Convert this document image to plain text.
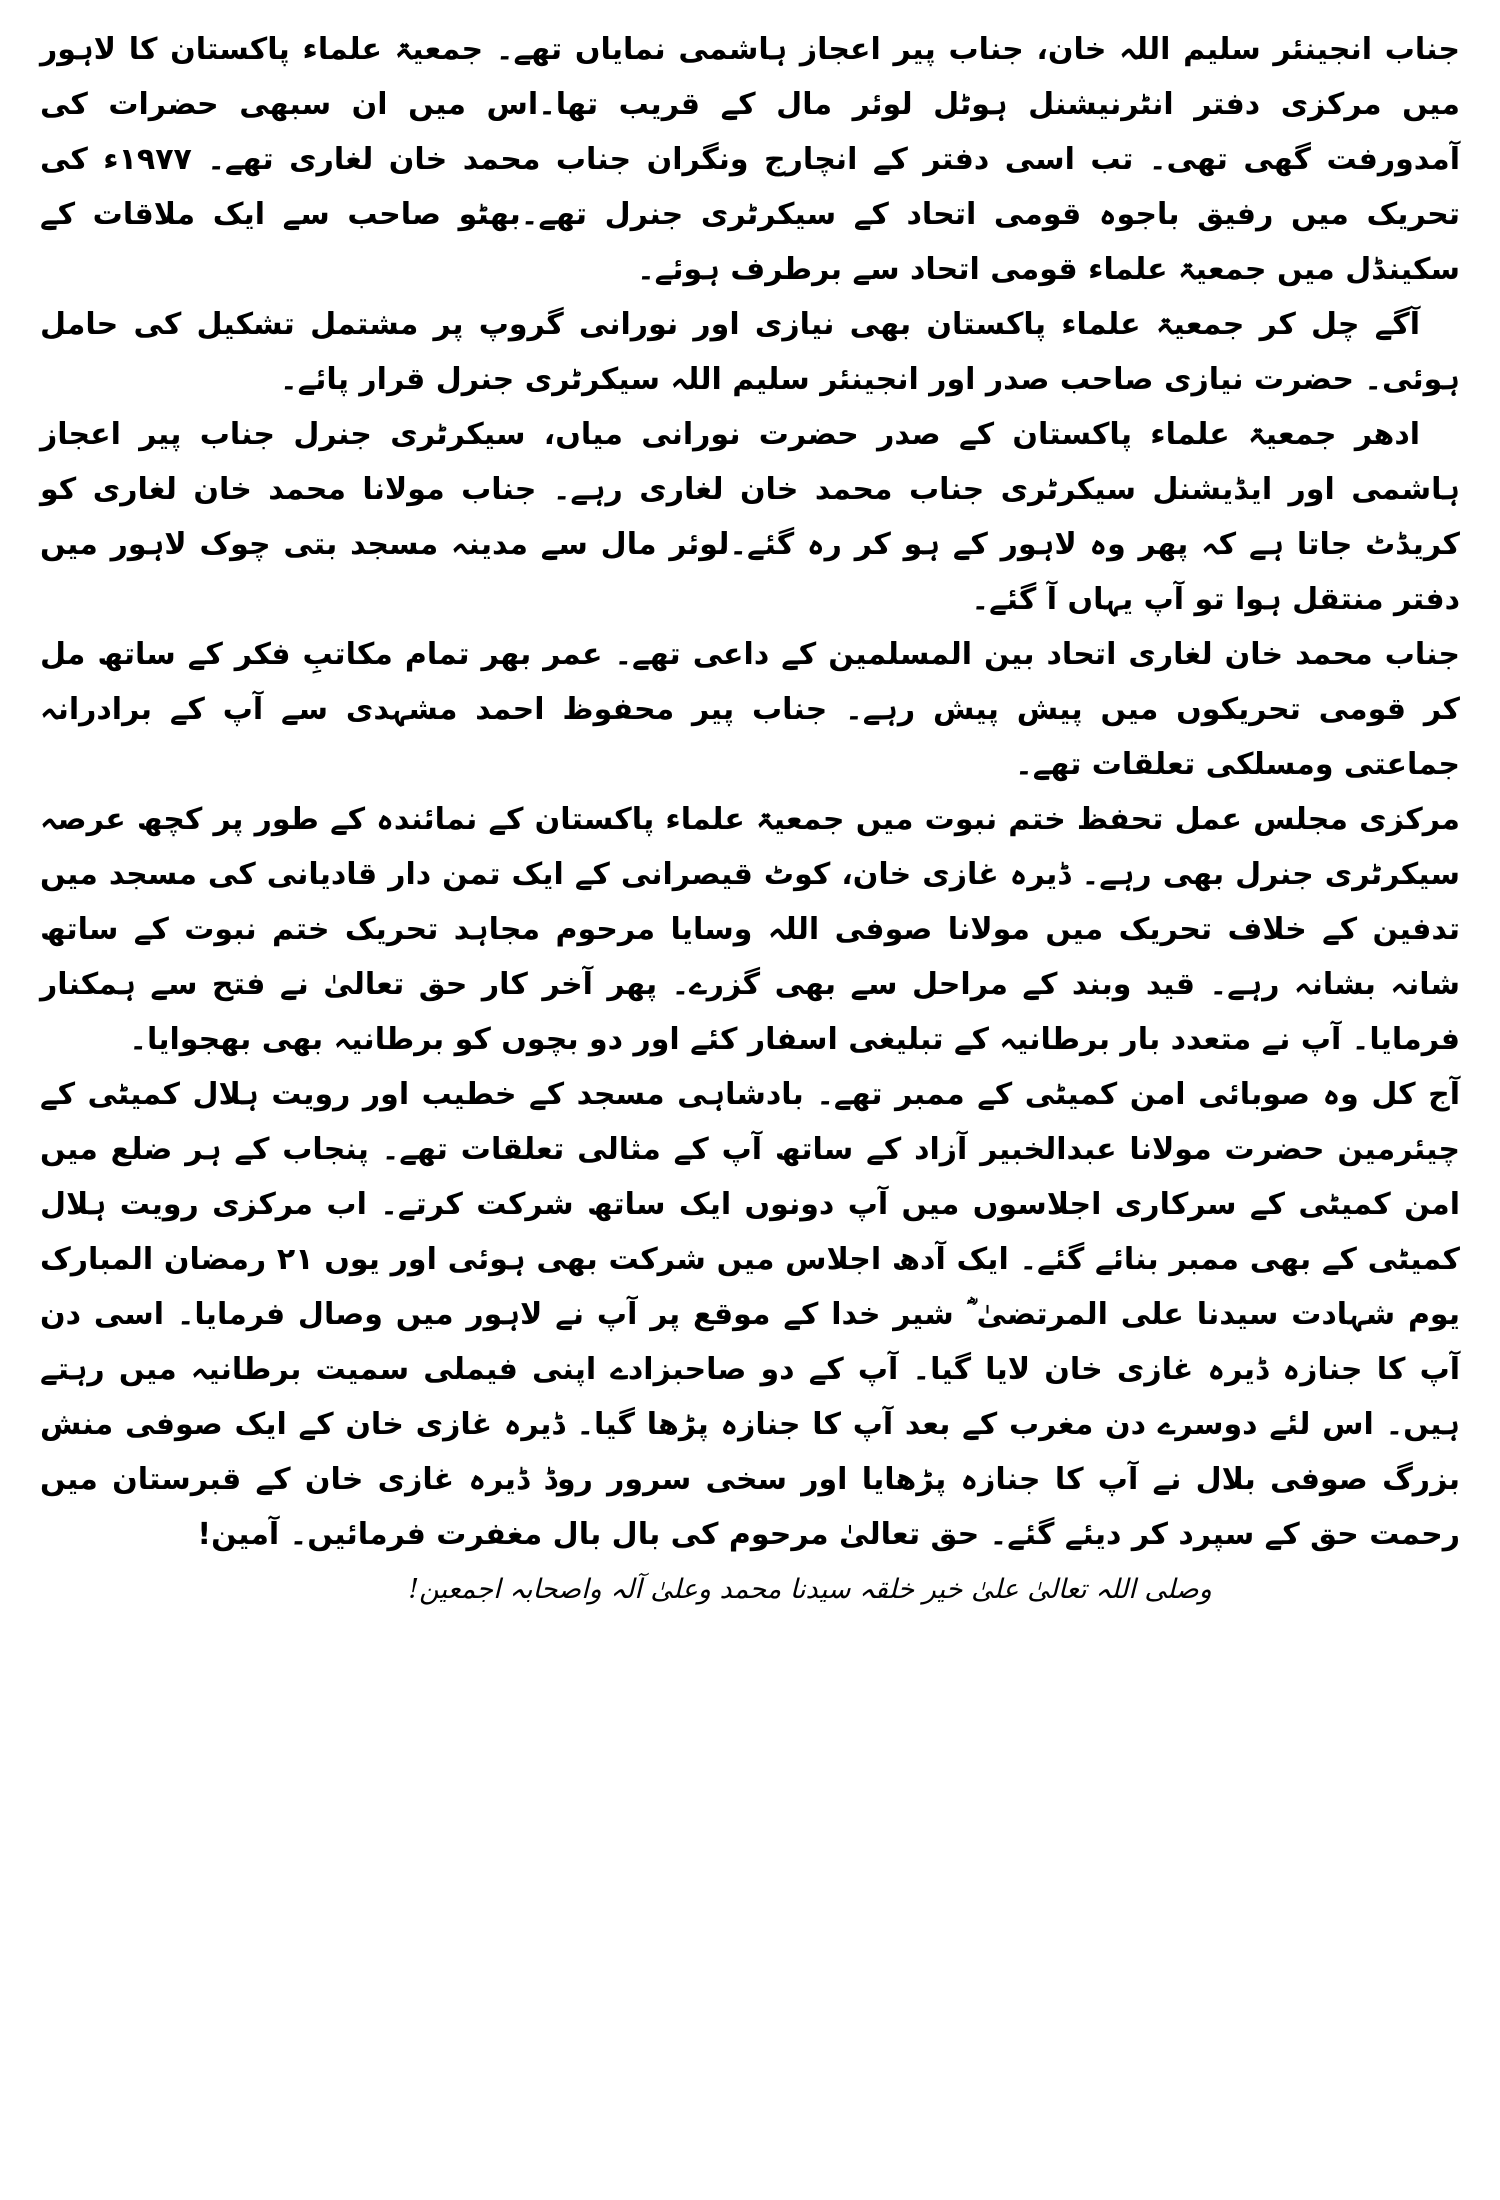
جناب انجینئر سلیم اللہ خان، جناب پیر اعجاز ہاشمی نمایاں تھے۔ جمعیۃ علماء پاکستان کا لاہور میں مرکزی دفتر انٹرنیشنل ہوٹل لوئر مال کے قریب تھا۔اس میں ان سبھی حضرات کی آمدورفت گھی تھی۔ تب اسی دفتر کے انچارج ونگران جناب محمد خان لغاری تھے۔ ۱۹۷۷ء کی تحریک میں رفیق باجوہ قومی اتحاد کے سیکرٹری جنرل تھے۔بھٹو صاحب سے ایک ملاقات کے سکینڈل میں جمعیۃ علماء قومی اتحاد سے برطرف ہوئے۔

آگے چل کر جمعیۃ علماء پاکستان بھی نیازی اور نورانی گروپ پر مشتمل تشکیل کی حامل ہوئی۔ حضرت نیازی صاحب صدر اور انجینئر سلیم اللہ سیکرٹری جنرل قرار پائے۔

ادھر جمعیۃ علماء پاکستان کے صدر حضرت نورانی میاں، سیکرٹری جنرل جناب پیر اعجاز ہاشمی اور ایڈیشنل سیکرٹری جناب محمد خان لغاری رہے۔ جناب مولانا محمد خان لغاری کو کریڈٹ جاتا ہے کہ پھر وہ لاہور کے ہو کر رہ گئے۔لوئر مال سے مدینہ مسجد بتی چوک لاہور میں دفتر منتقل ہوا تو آپ یہاں آ گئے۔

جناب محمد خان لغاری اتحاد بین المسلمین کے داعی تھے۔ عمر بھر تمام مکاتبِ فکر کے ساتھ مل کر قومی تحریکوں میں پیش پیش رہے۔ جناب پیر محفوظ احمد مشہدی سے آپ کے برادرانہ جماعتی ومسلکی تعلقات تھے۔

مرکزی مجلس عمل تحفظ ختم نبوت میں جمعیۃ علماء پاکستان کے نمائندہ کے طور پر کچھ عرصہ سیکرٹری جنرل بھی رہے۔ ڈیرہ غازی خان، کوٹ قیصرانی کے ایک تمن دار قادیانی کی مسجد میں تدفین کے خلاف تحریک میں مولانا صوفی اللہ وسایا مرحوم مجاہد تحریک ختم نبوت کے ساتھ شانہ بشانہ رہے۔ قید وبند کے مراحل سے بھی گزرے۔ پھر آخر کار حق تعالیٰ نے فتح سے ہمکنار فرمایا۔ آپ نے متعدد بار برطانیہ کے تبلیغی اسفار کئے اور دو بچوں کو برطانیہ بھی بھجوایا۔

آج کل وہ صوبائی امن کمیٹی کے ممبر تھے۔ بادشاہی مسجد کے خطیب اور رویت ہلال کمیٹی کے چیئرمین حضرت مولانا عبدالخبیر آزاد کے ساتھ آپ کے مثالی تعلقات تھے۔ پنجاب کے ہر ضلع میں امن کمیٹی کے سرکاری اجلاسوں میں آپ دونوں ایک ساتھ شرکت کرتے۔ اب مرکزی رویت ہلال کمیٹی کے بھی ممبر بنائے گئے۔ ایک آدھ اجلاس میں شرکت بھی ہوئی اور یوں ۲۱ رمضان المبارک یوم شہادت سیدنا علی المرتضیٰ ؓ شیر خدا کے موقع پر آپ نے لاہور میں وصال فرمایا۔ اسی دن آپ کا جنازہ ڈیرہ غازی خان لایا گیا۔ آپ کے دو صاحبزادے اپنی فیملی سمیت برطانیہ میں رہتے ہیں۔ اس لئے دوسرے دن مغرب کے بعد آپ کا جنازہ پڑھا گیا۔ ڈیرہ غازی خان کے ایک صوفی منش بزرگ صوفی بلال نے آپ کا جنازہ پڑھایا اور سخی سرور روڈ ڈیرہ غازی خان کے قبرستان میں رحمت حق کے سپرد کر دیئے گئے۔ حق تعالیٰ مرحوم کی بال بال مغفرت فرمائیں۔ آمین!

وصلی اللہ تعالیٰ علیٰ خیر خلقہ سیدنا محمد وعلیٰ آلہ واصحابہ اجمعین!
